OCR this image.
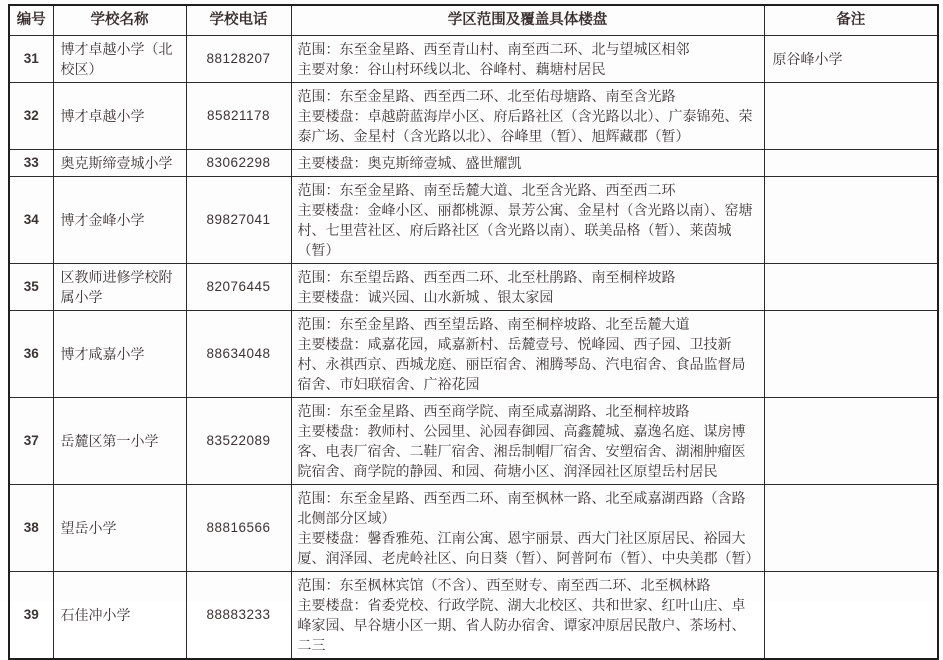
编号	学校名称	学校电话	学区范围及覆盖具体楼盘	备注
31	博才卓越小学（北校区）	88128207	范围：东至金星路、西至青山村、南至西二环、北与望城区相邻
主要对象：谷山村环线以北、谷峰村、藕塘村居民	原谷峰小学
32	博才卓越小学	85821178	范围：东至金星路、西至西二环、北至佑母塘路、南至含光路
主要楼盘：卓越蔚蓝海岸小区、府后路社区（含光路以北）、广泰锦苑、荣泰广场、金星村（含光路以北）、谷峰里（暂）、旭辉藏郡（暂）	

33	奥克斯缔壹城小学	83062298	主要楼盘：奥克斯缔壹城、盛世耀凯	

34	博才金峰小学	89827041	范围：东至金星路、南至岳麓大道、北至含光路、西至西二环
主要楼盘：金峰小区、丽都桃源、景芳公寓、金星村（含光路以南）、窑塘村、七里营社区、府后路社区（含光路以南）、联美品格（暂）、莱茵城（暂）	

35	区教师进修学校附属小学	82076445	范围：东至望岳路、西至西二环、北至杜鹃路、南至桐梓坡路
主要楼盘：诚兴园、山水新城 、银太家园	

36	博才咸嘉小学	88634048	范围：东至金星路、西至望岳路、南至桐梓坡路、北至岳麓大道
主要楼盘：咸嘉花园，咸嘉新村、岳麓壹号、悦峰园、西子园、卫技新村、永祺西京、西城龙庭、丽臣宿舍、湘腾琴岛、汽电宿舍、食品监督局宿舍、市妇联宿舍、广裕花园	

37	岳麓区第一小学	83522089	范围：东至金星路、西至商学院、南至咸嘉湖路、北至桐梓坡路
主要楼盘：教师村、公园里、沁园春御园、高鑫麓城、嘉逸名庭、谋房博客、电表厂宿舍、二鞋厂宿舍、湘岳制帽厂宿舍、安塑宿舍、湖湘肿瘤医院宿舍、商学院的静园、和园、荷塘小区、润泽园社区原望岳村居民	

38	望岳小学	88816566	范围：东至金星路、西至西二环、南至枫林一路、北至咸嘉湖西路（含路北侧部分区域）
主要楼盘：馨香雅苑、江南公寓、恩宇丽景、西大门社区原居民、裕园大厦、润泽园、老虎岭社区、向日葵（暂）、阿普阿布（暂）、中央美郡（暂）	

39	石佳冲小学	88883233	范围：东至枫林宾馆（不含）、西至财专、南至西二环、北至枫林路
主要楼盘：省委党校、行政学院、湖大北校区、共和世家、红叶山庄、卓峰家园、早谷塘小区一期、省人防办宿舍、谭家冲原居民散户、茶场村、二三	
